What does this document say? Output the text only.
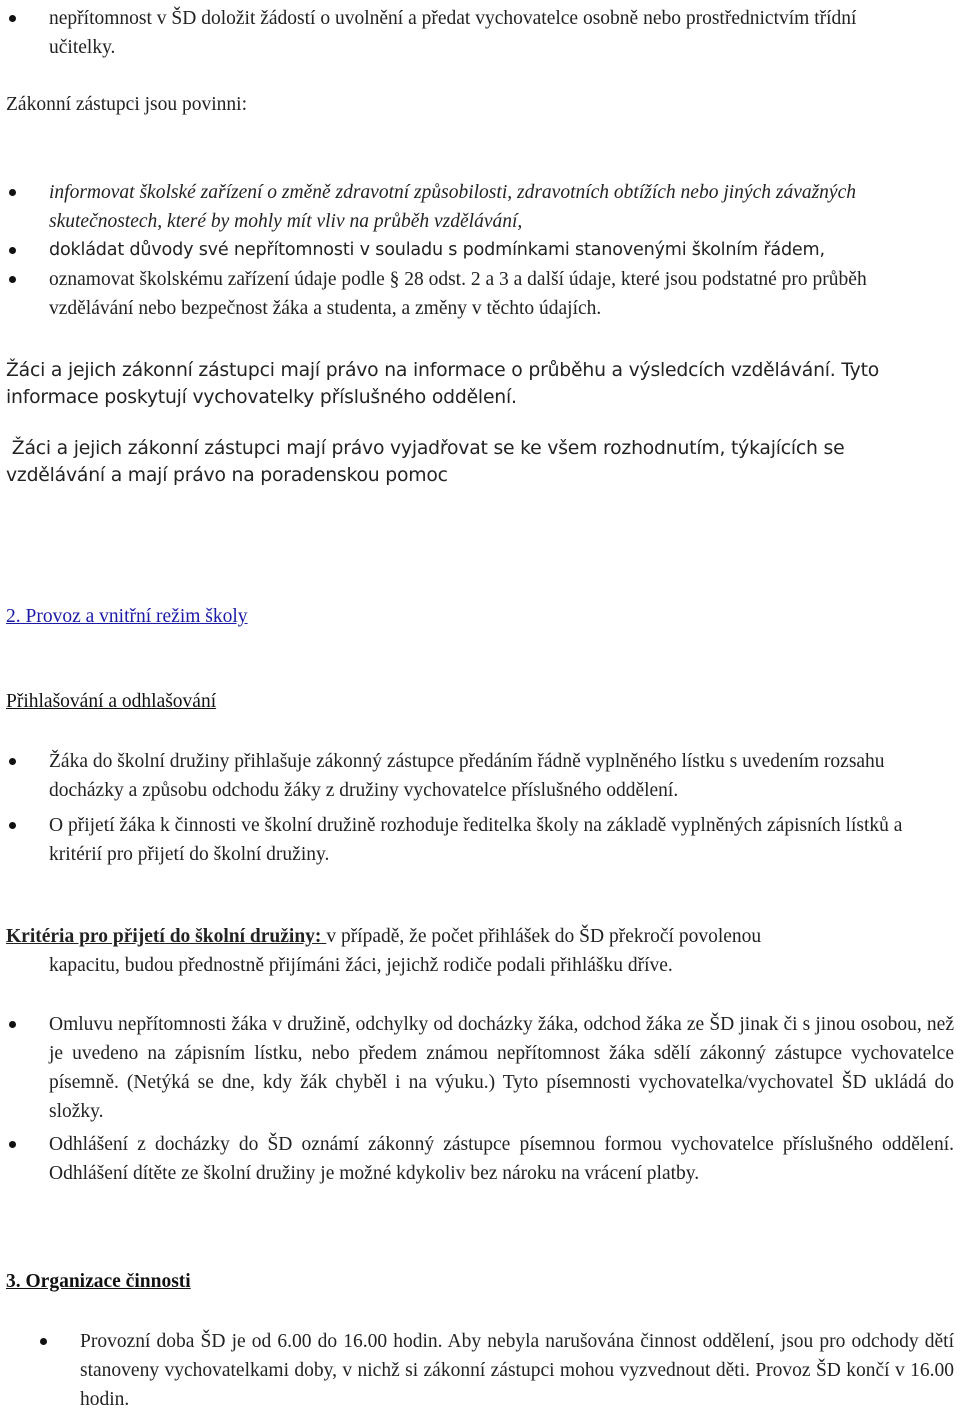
nepřítomnost v ŠD doložit žádostí o uvolnění a předat vychovatelce osobně nebo prostřednictvím třídní učitelky.
Zákonní zástupci jsou povinni:
informovat školské zařízení o změně zdravotní způsobilosti, zdravotních obtížích nebo jiných závažných skutečnostech, které by mohly mít vliv na průběh vzdělávání,
dokládat důvody své nepřítomnosti v souladu s podmínkami stanovenými školním řádem,
oznamovat školskému zařízení údaje podle § 28 odst. 2 a 3 a další údaje, které jsou podstatné pro průběh vzdělávání nebo bezpečnost žáka a studenta, a změny v těchto údajích.
Žáci a jejich zákonní zástupci mají právo na informace o průběhu a výsledcích vzdělávání. Tyto informace poskytují vychovatelky příslušného oddělení.
Žáci a jejich zákonní zástupci mají právo vyjadřovat se ke všem rozhodnutím, týkajících se vzdělávání a mají právo na poradenskou pomoc
2. Provoz a vnitřní režim školy
Přihlašování a odhlašování
Žáka do školní družiny přihlašuje zákonný zástupce předáním řádně vyplněného lístku s uvedením rozsahu docházky a způsobu odchodu žáky z družiny vychovatelce příslušného oddělení.
O přijetí žáka k činnosti ve školní družině rozhoduje ředitelka školy na základě vyplněných zápisních lístků a kritérií pro přijetí do školní družiny.
Kritéria pro přijetí do školní družiny: v případě, že počet přihlášek do ŠD překročí povolenou
kapacitu, budou přednostně přijímáni žáci, jejichž rodiče podali přihlášku dříve.
Omluvu nepřítomnosti žáka v družině, odchylky od docházky žáka, odchod žáka ze ŠD jinak či s jinou osobou, než je uvedeno na zápisním lístku, nebo předem známou nepřítomnost žáka sdělí zákonný zástupce vychovatelce písemně. (Netýká se dne, kdy žák chyběl i na výuku.) Tyto písemnosti vychovatelka/vychovatel ŠD ukládá do složky.
Odhlášení z docházky do ŠD oznámí zákonný zástupce písemnou formou vychovatelce příslušného oddělení. Odhlášení dítěte ze školní družiny je možné kdykoliv bez nároku na vrácení platby.
3. Organizace činnosti
Provozní doba ŠD je od 6.00 do 16.00 hodin. Aby nebyla narušována činnost oddělení, jsou pro odchody dětí stanoveny vychovatelkami doby, v nichž si zákonní zástupci mohou vyzvednout děti. Provoz ŠD končí v 16.00 hodin.
